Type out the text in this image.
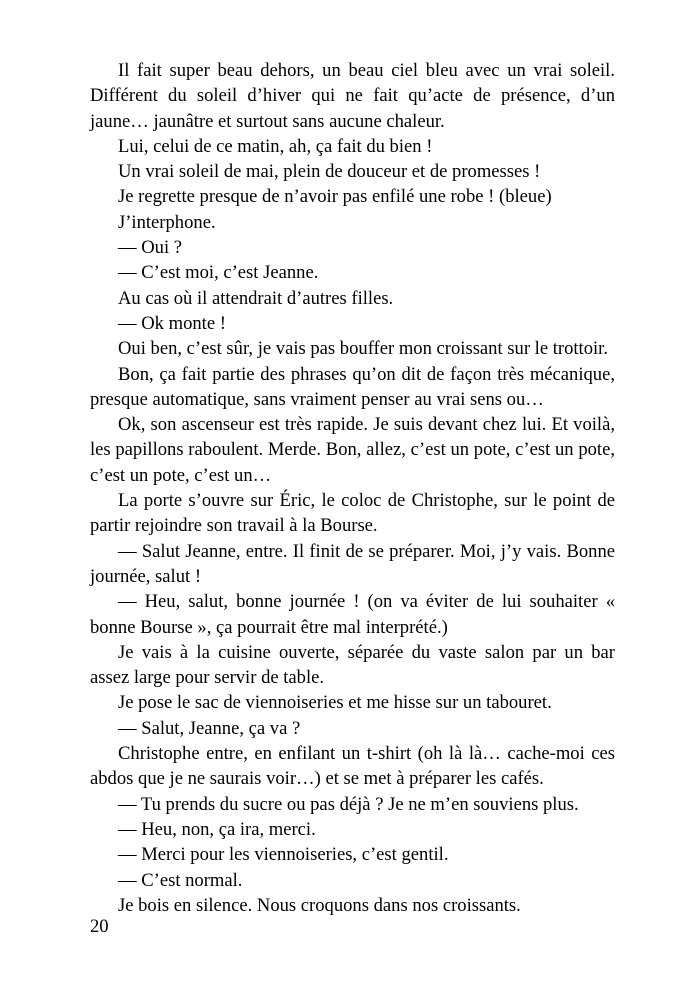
Il fait super beau dehors, un beau ciel bleu avec un vrai soleil. Différent du soleil d’hiver qui ne fait qu’acte de présence, d’un jaune… jaunâtre et surtout sans aucune chaleur.

Lui, celui de ce matin, ah, ça fait du bien !

Un vrai soleil de mai, plein de douceur et de promesses !

Je regrette presque de n’avoir pas enfilé une robe ! (bleue)

J’interphone.

— Oui ?

— C’est moi, c’est Jeanne.

Au cas où il attendrait d’autres filles.

— Ok monte !

Oui ben, c’est sûr, je vais pas bouffer mon croissant sur le trottoir.

Bon, ça fait partie des phrases qu’on dit de façon très mécanique, presque automatique, sans vraiment penser au vrai sens ou…

Ok, son ascenseur est très rapide. Je suis devant chez lui. Et voilà, les papillons raboulent. Merde. Bon, allez, c’est un pote, c’est un pote, c’est un pote, c’est un…

La porte s’ouvre sur Éric, le coloc de Christophe, sur le point de partir rejoindre son travail à la Bourse.

— Salut Jeanne, entre. Il finit de se préparer. Moi, j’y vais. Bonne journée, salut !

— Heu, salut, bonne journée ! (on va éviter de lui souhaiter « bonne Bourse », ça pourrait être mal interprété.)

Je vais à la cuisine ouverte, séparée du vaste salon par un bar assez large pour servir de table.

Je pose le sac de viennoiseries et me hisse sur un tabouret.

— Salut, Jeanne, ça va ?

Christophe entre, en enfilant un t-shirt (oh là là… cache-moi ces abdos que je ne saurais voir…) et se met à préparer les cafés.

— Tu prends du sucre ou pas déjà ? Je ne m’en souviens plus.

— Heu, non, ça ira, merci.

— Merci pour les viennoiseries, c’est gentil.

— C’est normal.

Je bois en silence. Nous croquons dans nos croissants.

20
